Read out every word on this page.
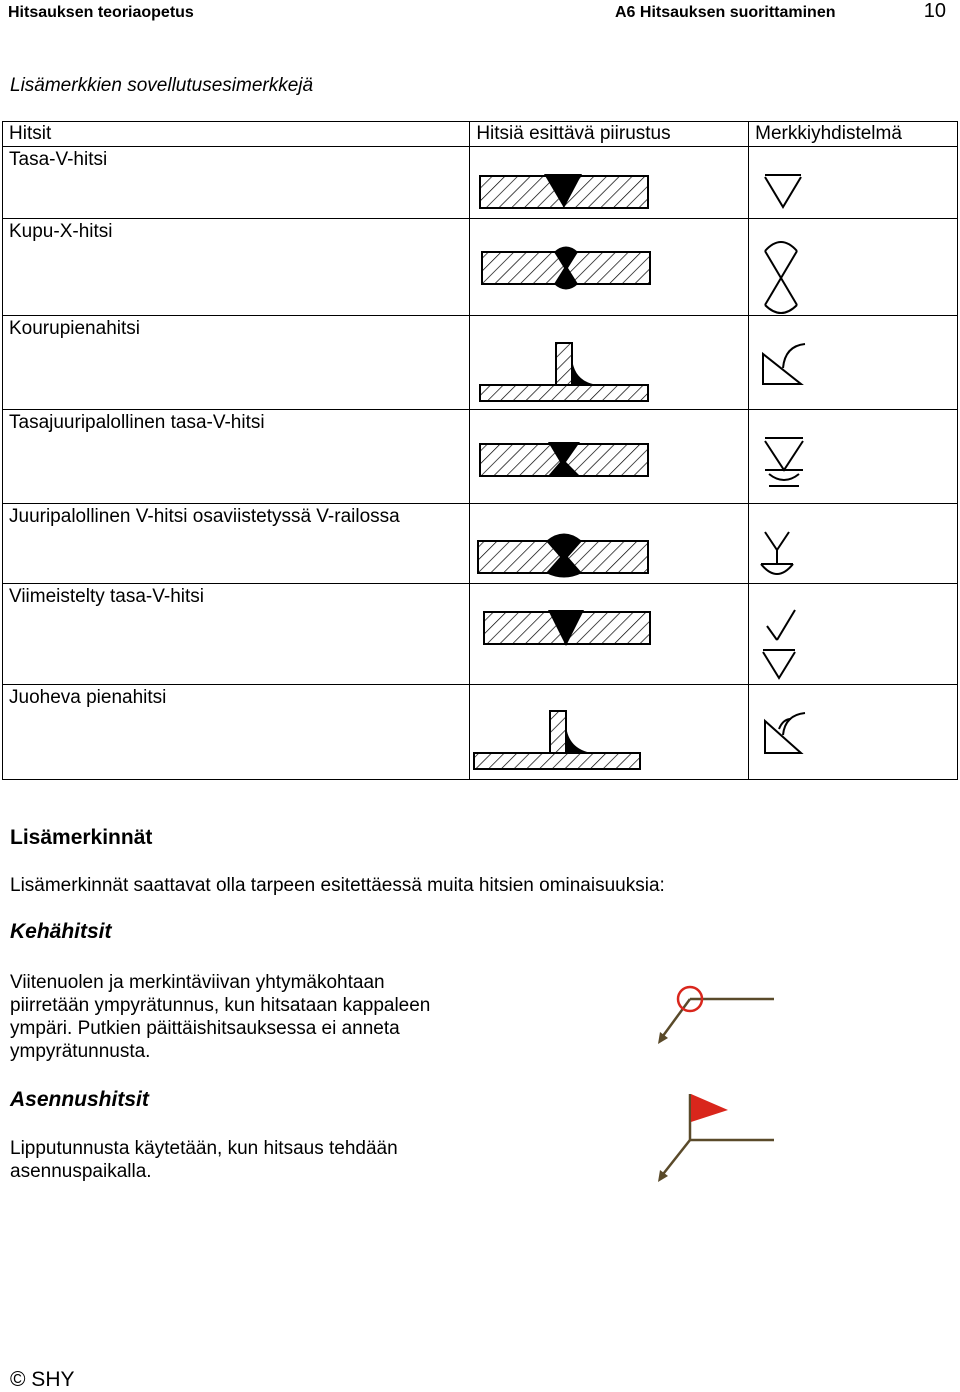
Hitsauksen teoriaopetus	A6 Hitsauksen suorittaminen	10
Lisämerkkien sovellutusesimerkkejä
Hitsit	Hitsiä esittävä piirustus	Merkkiyhdistelmä

Tasa-V-hitsi

Kupu-X-hitsi

Kourupienahitsi

Tasajuuripalollinen tasa-V-hitsi

Juuripalollinen V-hitsi osaviistetyssä V-railossa

Viimeistelty tasa-V-hitsi

Juoheva pienahitsi

Lisämerkinnät
Lisämerkinnät saattavat olla tarpeen esitettäessä muita hitsien ominaisuuksia:
Kehähitsit
Viitenuolen ja merkintäviivan yhtymäkohtaan
piirretään ympyrätunnus, kun hitsataan kappaleen
ympäri. Putkien päittäishitsauksessa ei anneta
ympyrätunnusta.
Asennushitsit
Lipputunnusta käytetään, kun hitsaus tehdään
asennuspaikalla.
© SHY
